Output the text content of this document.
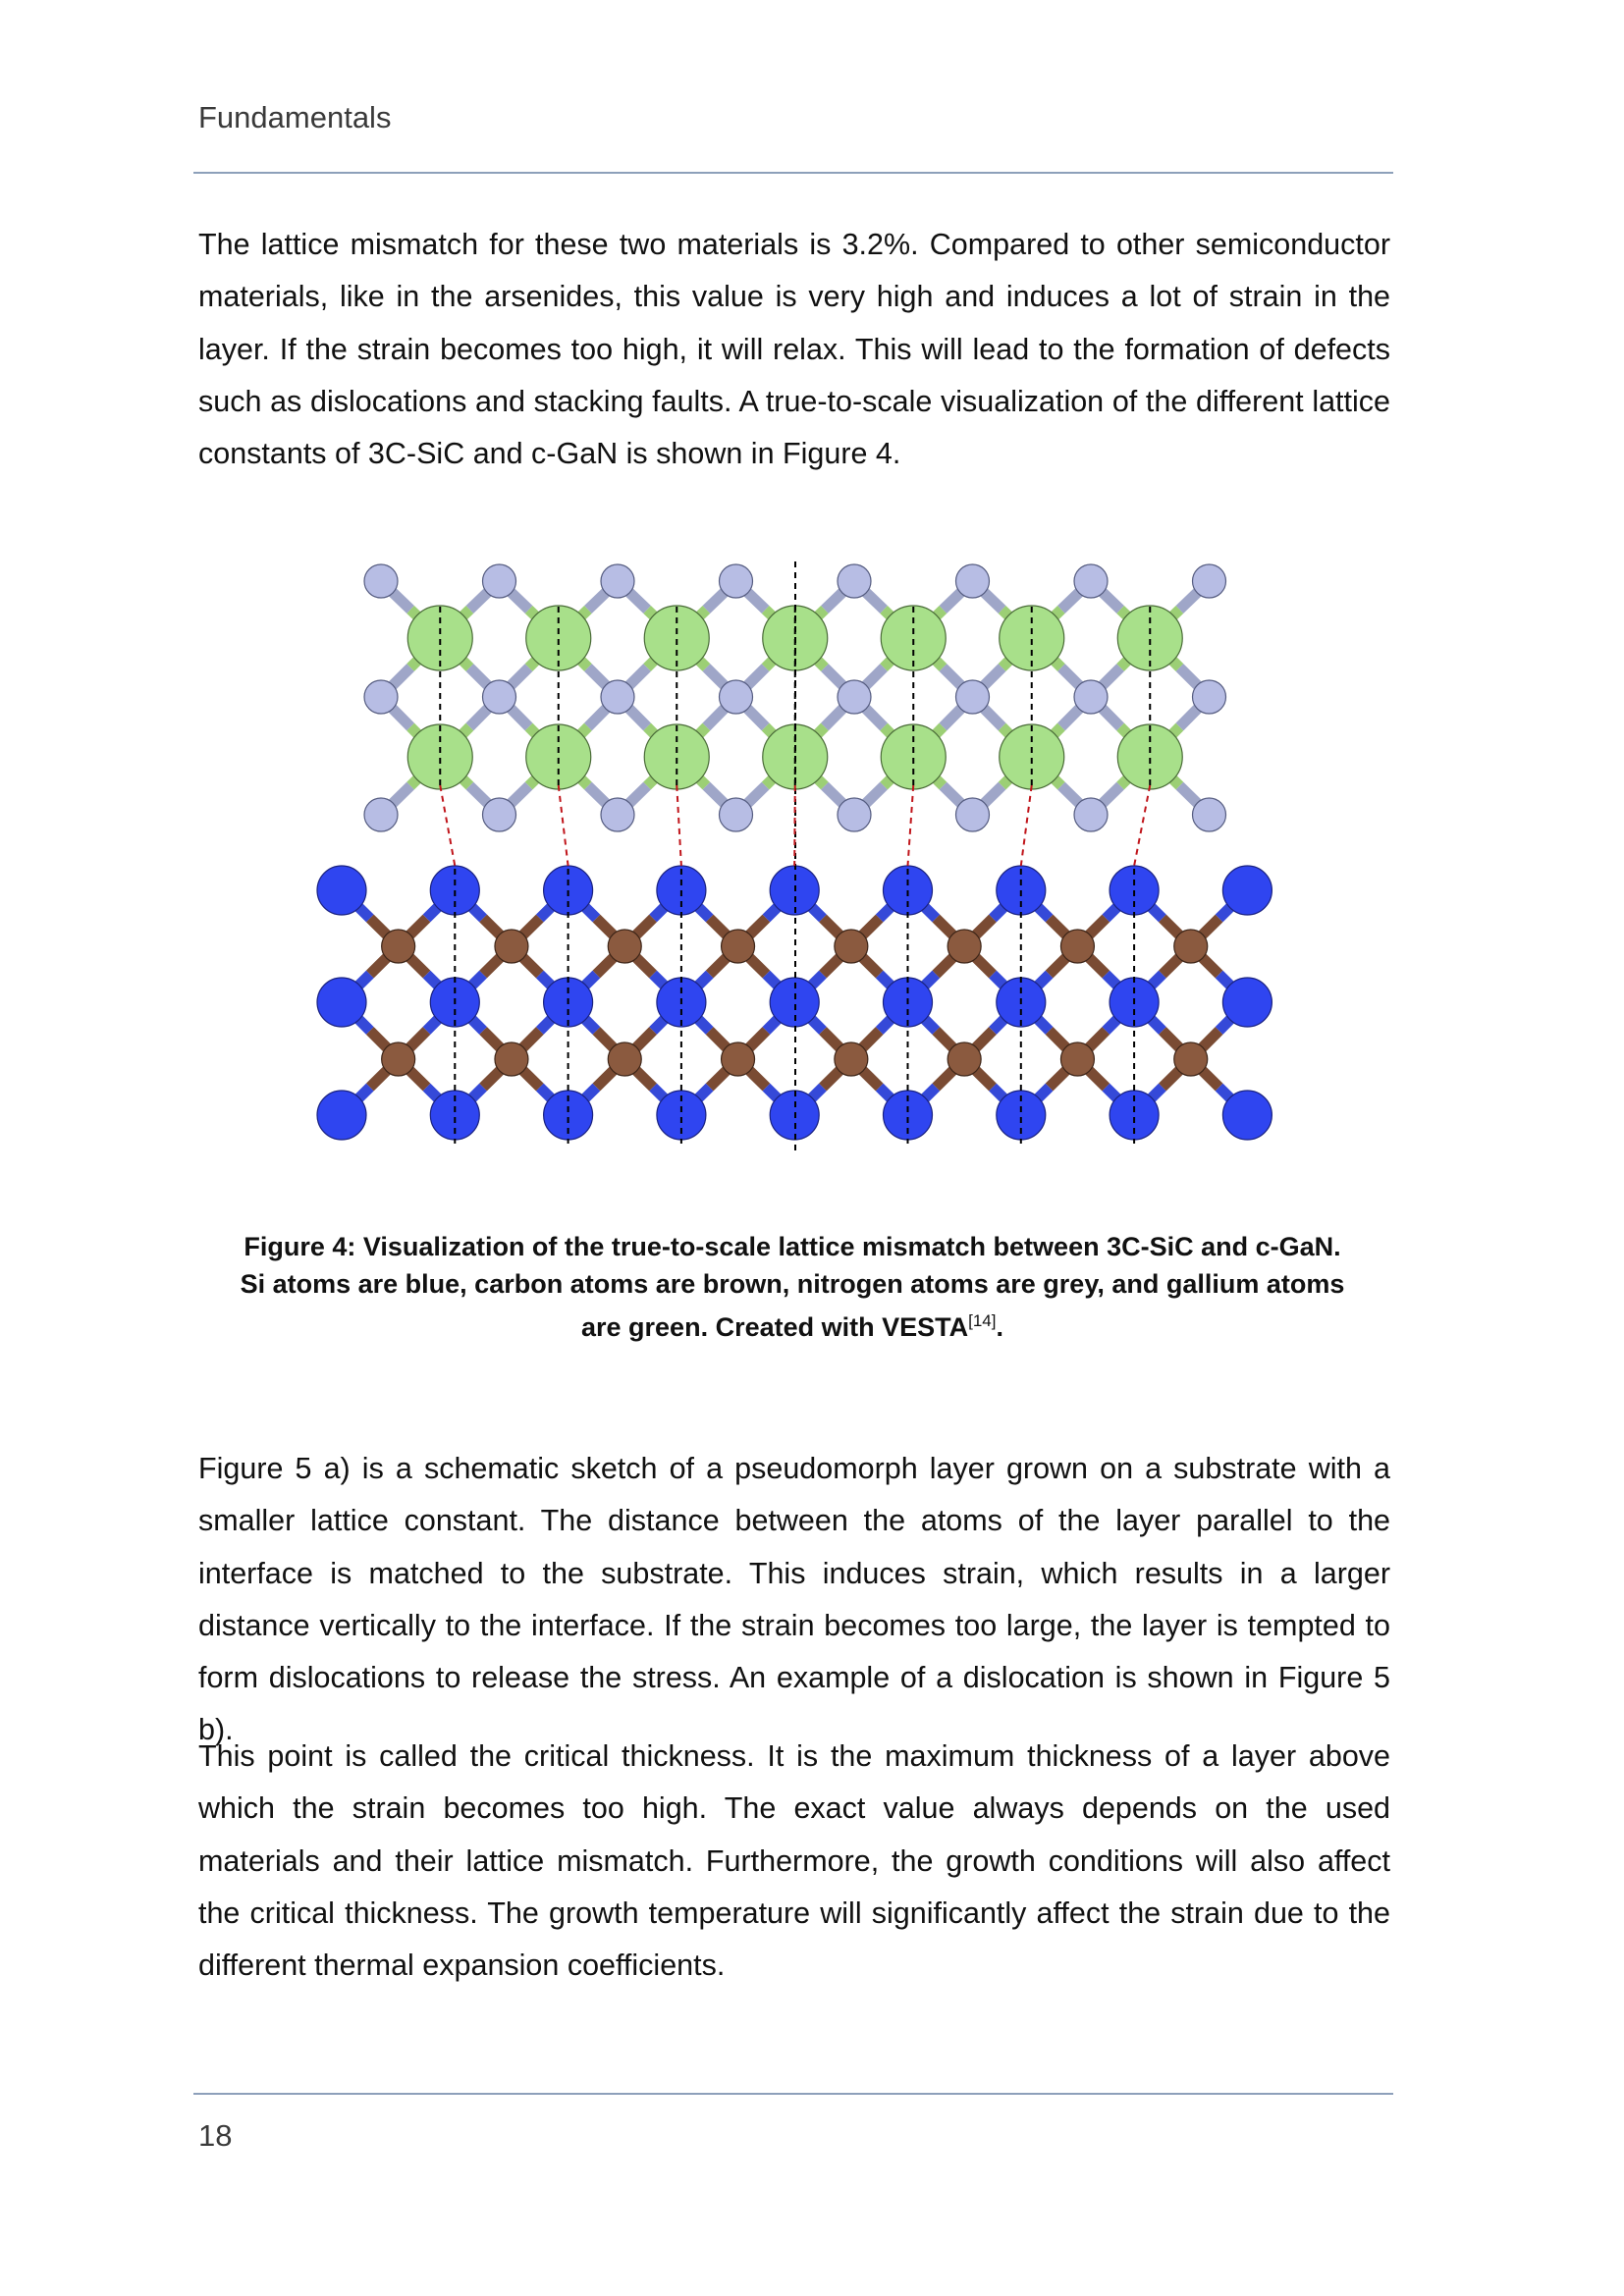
Fundamentals

The lattice mismatch for these two materials is 3.2%. Compared to other semiconductor materials, like in the arsenides, this value is very high and induces a lot of strain in the layer. If the strain becomes too high, it will relax. This will lead to the formation of defects such as dislocations and stacking faults. A true-to-scale visualization of the different lattice constants of 3C-SiC and c-GaN is shown in Figure 4.

Figure 4: Visualization of the true-to-scale lattice mismatch between 3C-SiC and c-GaN. Si atoms are blue, carbon atoms are brown, nitrogen atoms are grey, and gallium atoms are green. Created with VESTA[14].

Figure 5 a) is a schematic sketch of a pseudomorph layer grown on a substrate with a smaller lattice constant. The distance between the atoms of the layer parallel to the interface is matched to the substrate. This induces strain, which results in a larger distance vertically to the interface. If the strain becomes too large, the layer is tempted to form dislocations to release the stress. An example of a dislocation is shown in Figure 5 b).

This point is called the critical thickness. It is the maximum thickness of a layer above which the strain becomes too high. The exact value always depends on the used materials and their lattice mismatch. Furthermore, the growth conditions will also affect the critical thickness. The growth temperature will significantly affect the strain due to the different thermal expansion coefficients.

18
